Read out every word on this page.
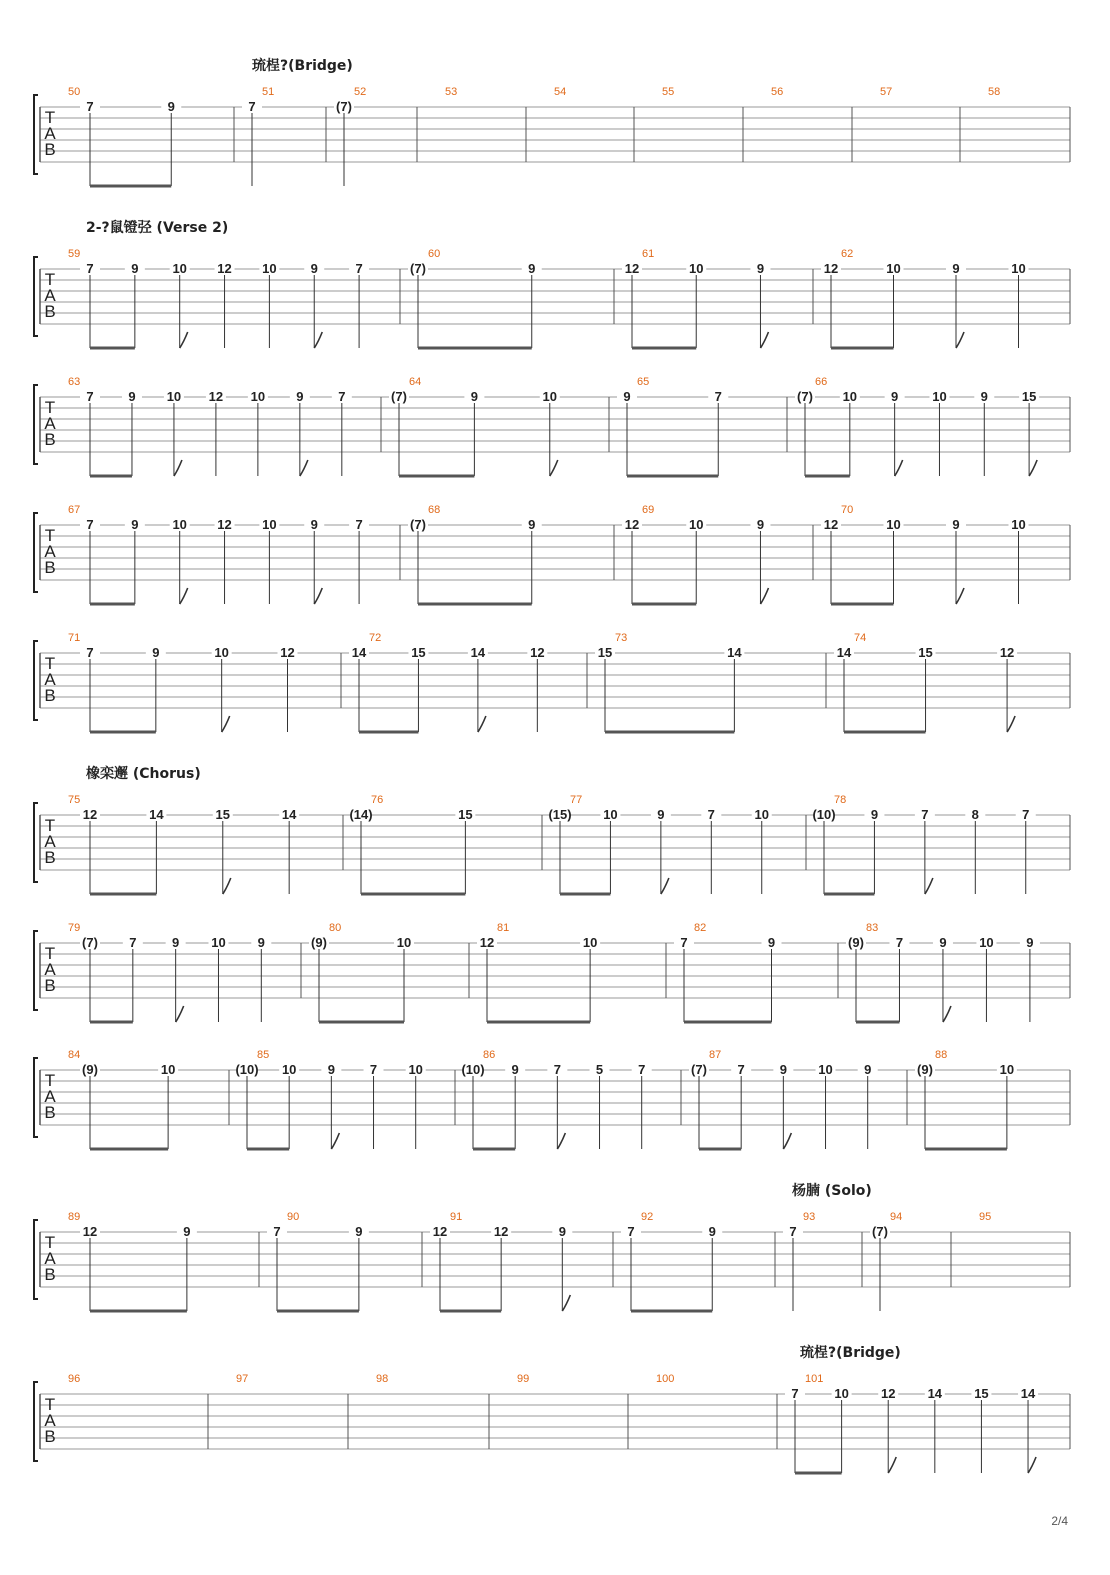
T
A
B
50
7	9
51
7
52
(7)
53	54	55	56	57	58
T
A
B
59
7	9	10 12 10	9	7
60
(7)	9
61
12	10	9
62
12	10	9	10
T
A
B
63
7	9 10 12 10 9	7
64
(7)	9	10
65
9	7
66
(7) 10	9	10	9	15
T
A
B
67
7	9	10 12 10	9	7
68
(7)	9
69
12	10	9
70
12	10	9	10
T
A
B
71
7	9	10	12
72
14	15	14	12
73
15	14
74
14	15	12
T
A
B
75
12	14	15	14
76
(14)	15
77
(15) 10	9	7	10
78
(10)	9	7	8	7
T
A
B
79
(7) 7	9 10 9
80
(9)	10
81
12	10
82
7	9
83
(9) 7	9	10	9
T
A
B
84
(9)	10
85
(10) 10 9	7 10
86
(10) 9	7	5	7
87
(7) 7	9 10 9
88
(9)	10
T
A
B
89
12	9
90
7	9
91
12	12	9
92
7	9
93
7
94
(7)
95
T
A
B
96	97	98	99	100	101
7	10 12 14 15 14
琉桯?(Bridge)
2-?鼠镫弪 (Verse 2)
橡栾邂 (Chorus)
杨腩 (Solo)
琉桯?(Bridge)
2/4
